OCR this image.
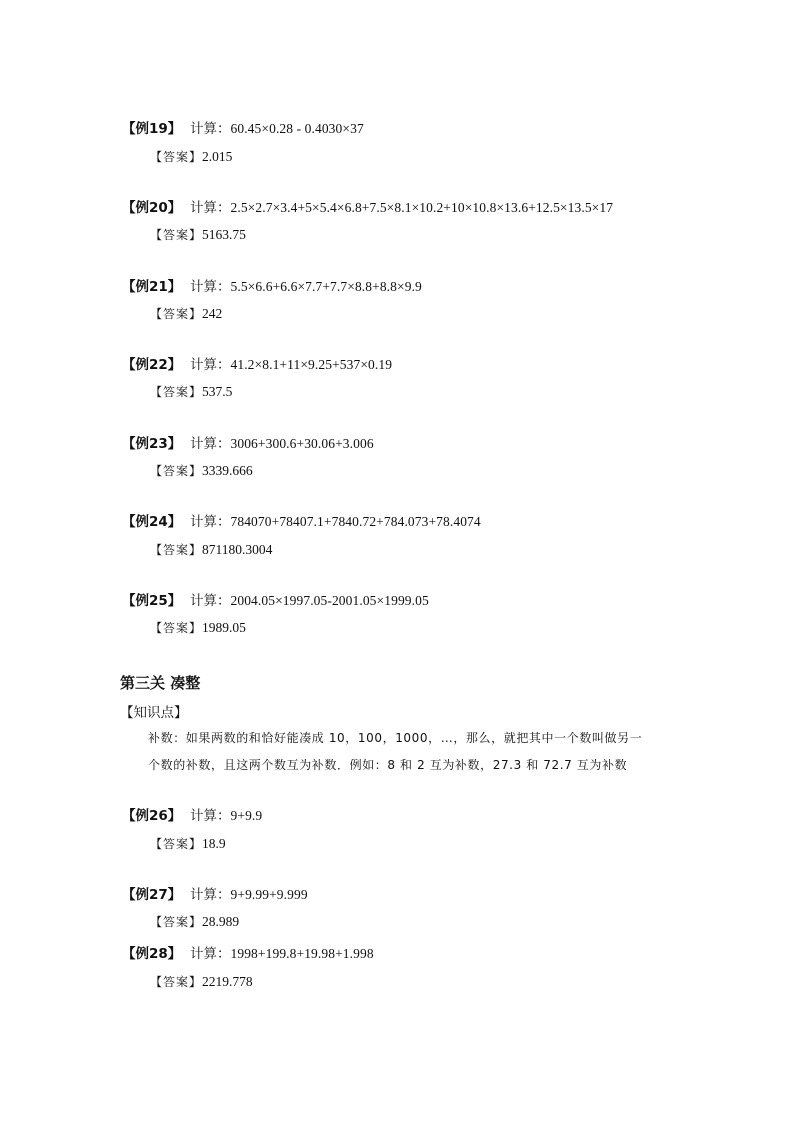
【例19】 计算：60.45×0.28 - 0.4030×37
【答案】2.015
【例20】 计算：2.5×2.7×3.4+5×5.4×6.8+7.5×8.1×10.2+10×10.8×13.6+12.5×13.5×17
【答案】5163.75
【例21】 计算：5.5×6.6+6.6×7.7+7.7×8.8+8.8×9.9
【答案】242
【例22】 计算：41.2×8.1+11×9.25+537×0.19
【答案】537.5
【例23】 计算：3006+300.6+30.06+3.006
【答案】3339.666
【例24】 计算：784070+78407.1+7840.72+784.073+78.4074
【答案】871180.3004
【例25】 计算：2004.05×1997.05-2001.05×1999.05
【答案】1989.05
第三关 凑整
【知识点】
补数：如果两数的和恰好能凑成 10，100，1000，…，那么，就把其中一个数叫做另一
个数的补数，且这两个数互为补数．例如：8 和 2 互为补数，27.3 和 72.7 互为补数
【例26】 计算：9+9.9
【答案】18.9
【例27】 计算：9+9.99+9.999
【答案】28.989
【例28】 计算：1998+199.8+19.98+1.998
【答案】2219.778
